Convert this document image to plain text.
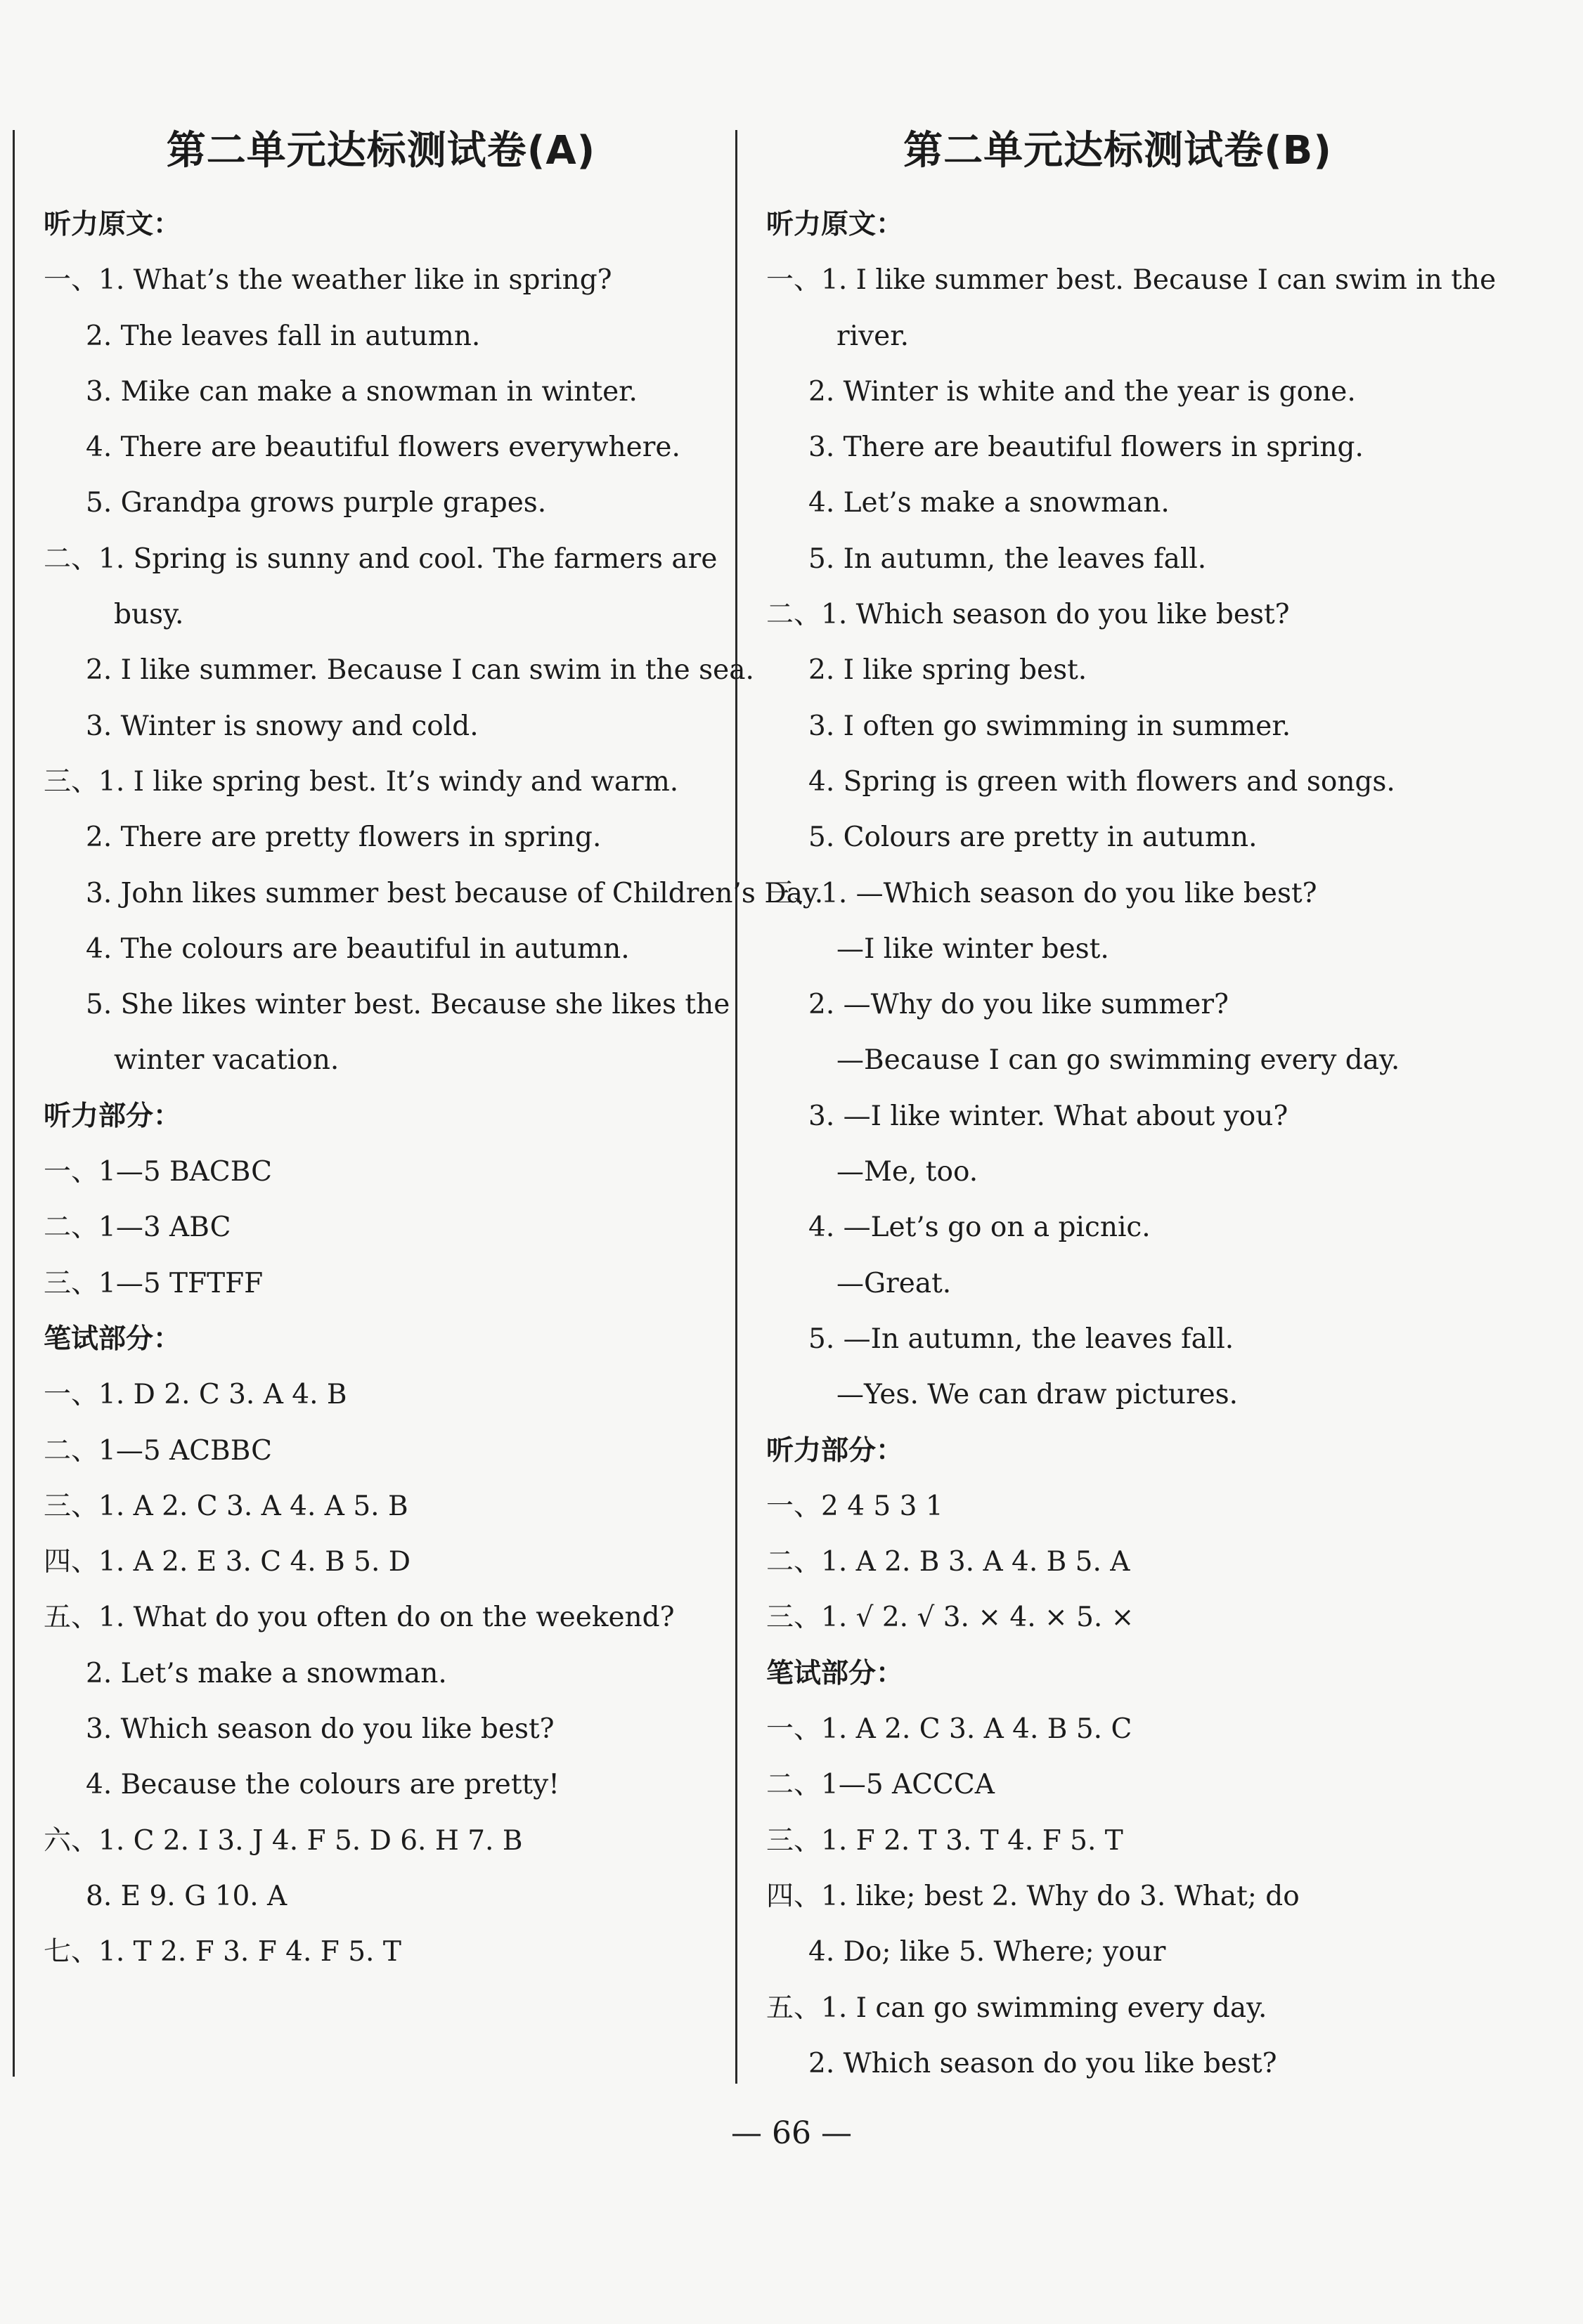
第二单元达标测试卷(A)
听力原文：
一、1. What’s the weather like in spring?
2. The leaves fall in autumn.
3. Mike can make a snowman in winter.
4. There are beautiful flowers everywhere.
5. Grandpa grows purple grapes.
二、1. Spring is sunny and cool. The farmers are
busy.
2. I like summer. Because I can swim in the sea.
3. Winter is snowy and cold.
三、1. I like spring best. It’s windy and warm.
2. There are pretty flowers in spring.
3. John likes summer best because of Children’s Day.
4. The colours are beautiful in autumn.
5. She likes winter best. Because she likes the
winter vacation.
听力部分：
一、1—5 BACBC
二、1—3 ABC
三、1—5 TFTFF
笔试部分：
一、1. D 2. C 3. A 4. B
二、1—5 ACBBC
三、1. A 2. C 3. A 4. A 5. B
四、1. A 2. E 3. C 4. B 5. D
五、1. What do you often do on the weekend?
2. Let’s make a snowman.
3. Which season do you like best?
4. Because the colours are pretty!
六、1. C 2. I 3. J 4. F 5. D 6. H 7. B
8. E 9. G 10. A
七、1. T 2. F 3. F 4. F 5. T
第二单元达标测试卷(B)
听力原文：
一、1. I like summer best. Because I can swim in the
river.
2. Winter is white and the year is gone.
3. There are beautiful flowers in spring.
4. Let’s make a snowman.
5. In autumn, the leaves fall.
二、1. Which season do you like best?
2. I like spring best.
3. I often go swimming in summer.
4. Spring is green with flowers and songs.
5. Colours are pretty in autumn.
三、1. —Which season do you like best?
—I like winter best.
2. —Why do you like summer?
—Because I can go swimming every day.
3. —I like winter. What about you?
—Me, too.
4. —Let’s go on a picnic.
—Great.
5. —In autumn, the leaves fall.
—Yes. We can draw pictures.
听力部分：
一、2 4 5 3 1
二、1. A 2. B 3. A 4. B 5. A
三、1. √ 2. √ 3. × 4. × 5. ×
笔试部分：
一、1. A 2. C 3. A 4. B 5. C
二、1—5 ACCCA
三、1. F 2. T 3. T 4. F 5. T
四、1. like; best 2. Why do 3. What; do
4. Do; like 5. Where; your
五、1. I can go swimming every day.
2. Which season do you like best?
— 66 —
